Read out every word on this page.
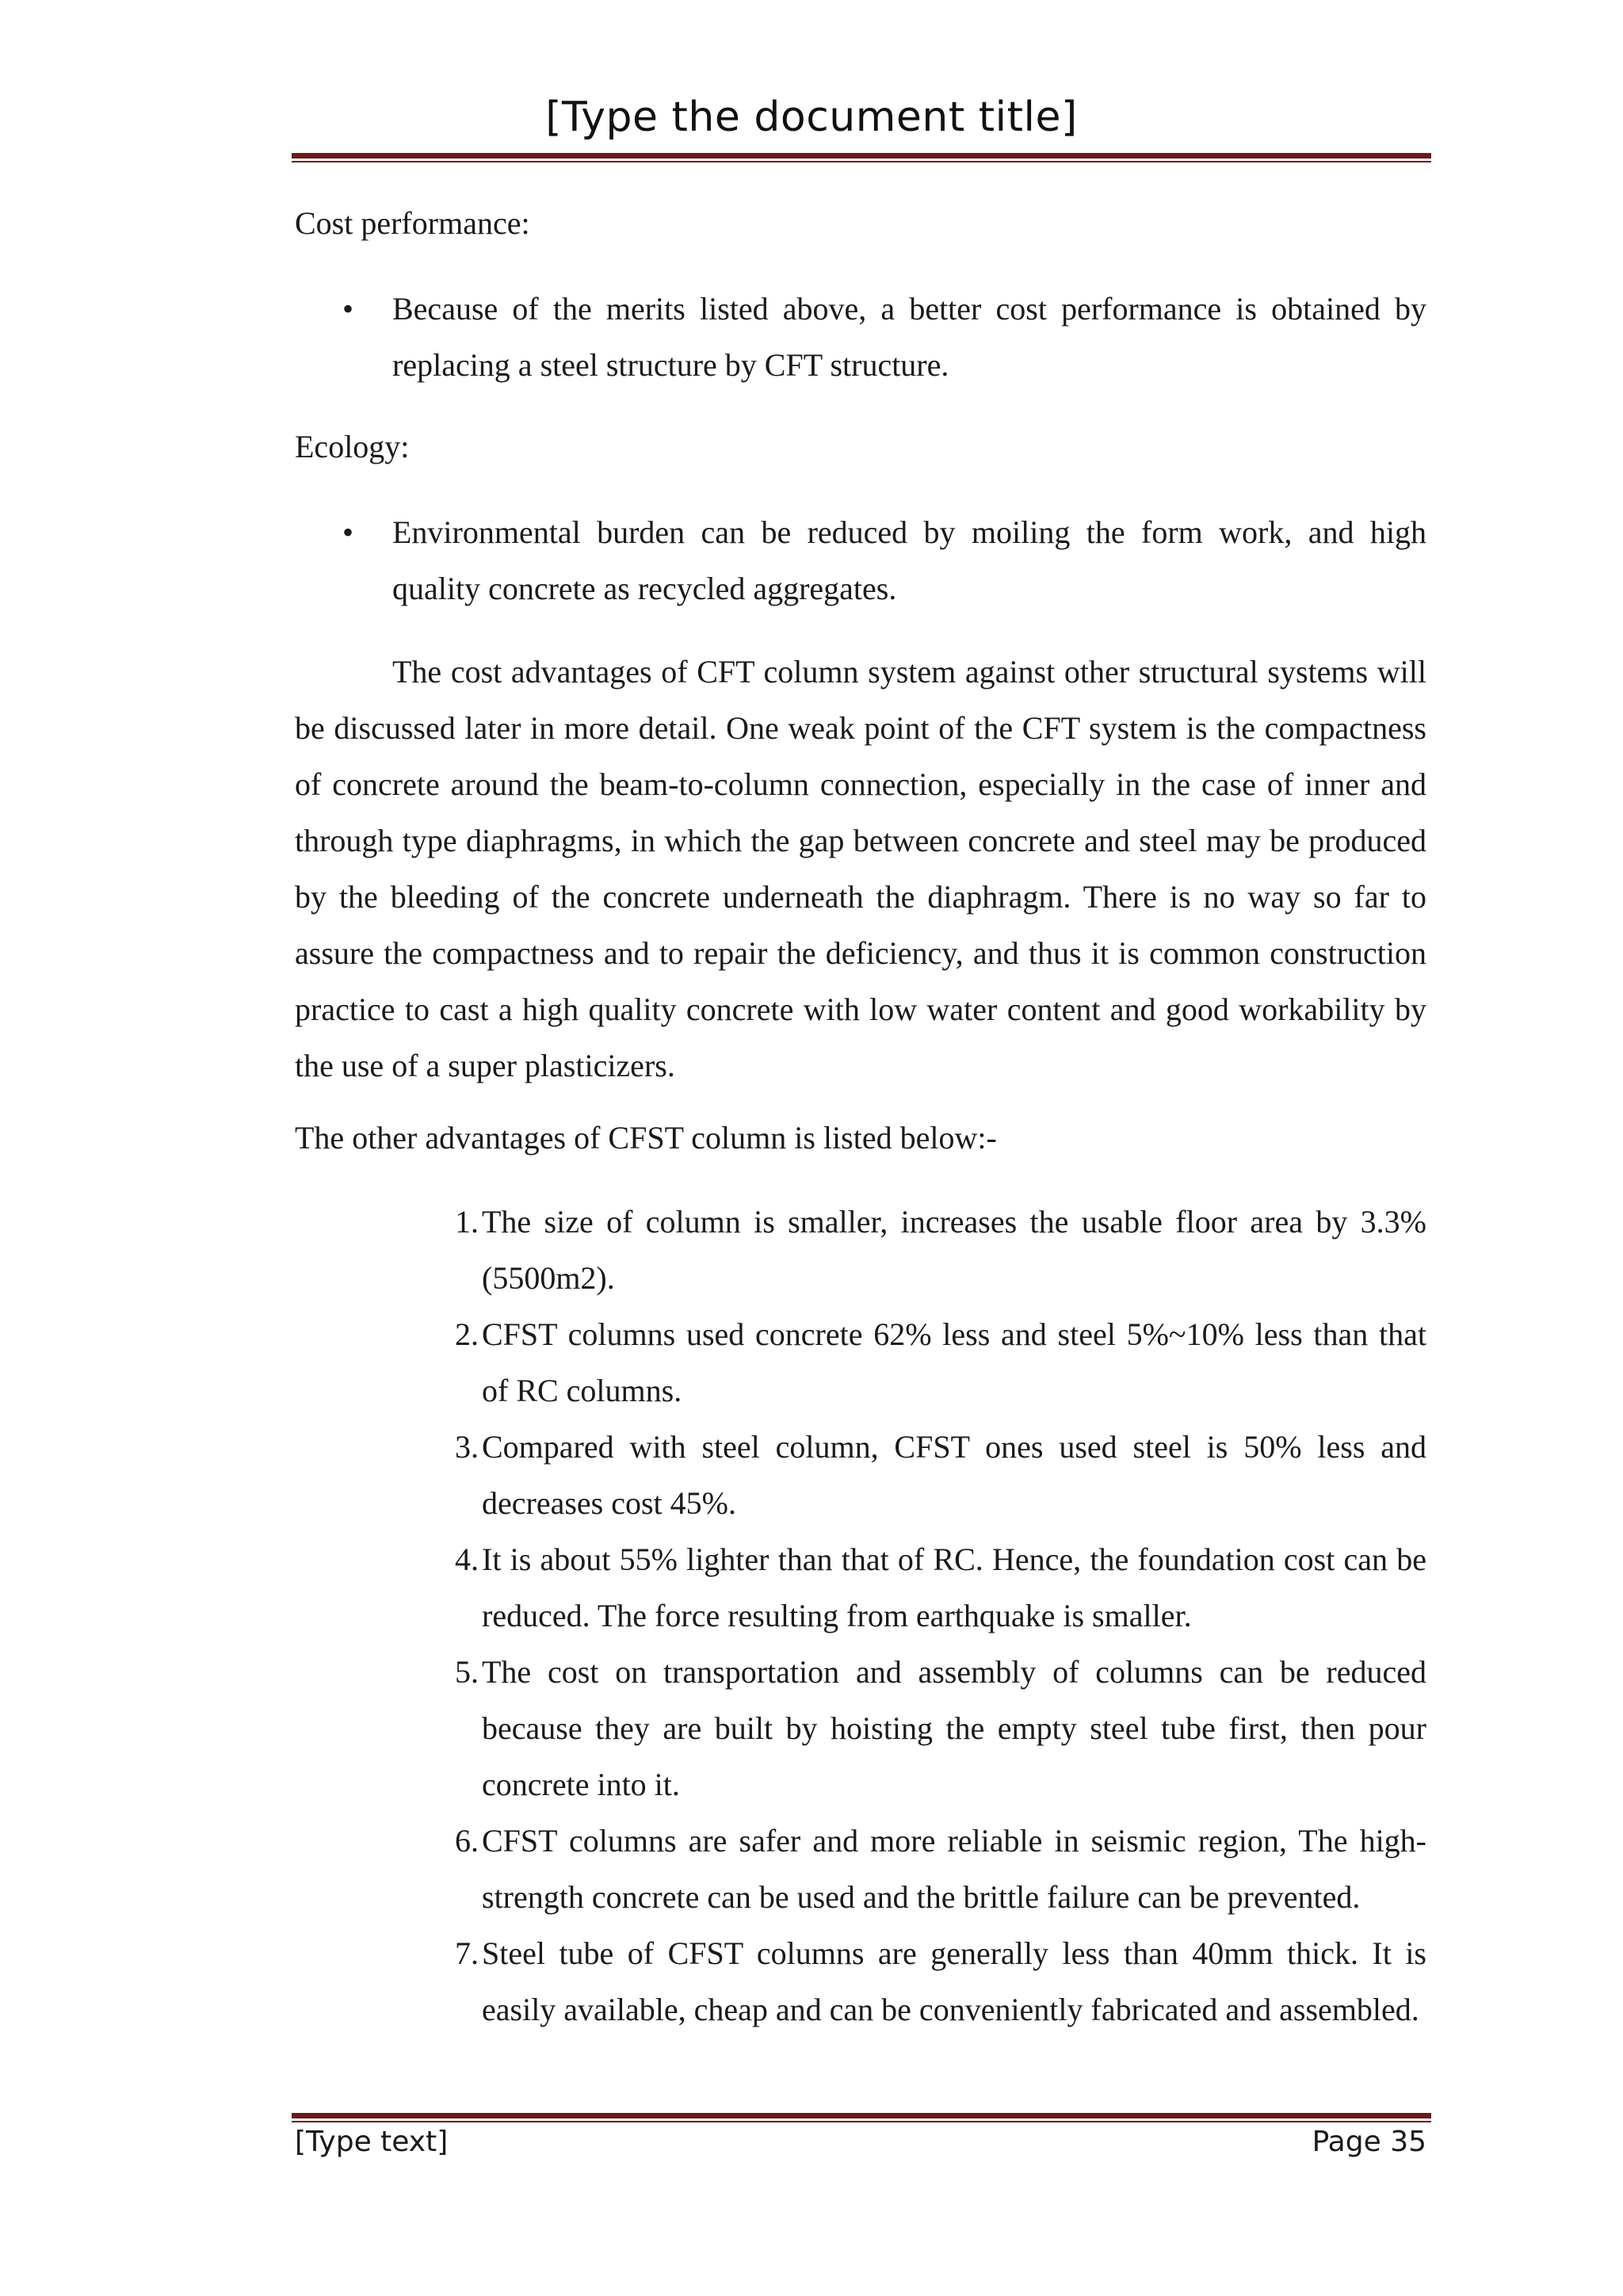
[Type the document title]
Cost performance:
• Because of the merits listed above, a better cost performance is obtained by replacing a steel structure by CFT structure.
Ecology:
• Environmental burden can be reduced by moiling the form work, and high quality concrete as recycled aggregates.
The cost advantages of CFT column system against other structural systems will be discussed later in more detail. One weak point of the CFT system is the compactness of concrete around the beam-to-column connection, especially in the case of inner and through type diaphragms, in which the gap between concrete and steel may be produced by the bleeding of the concrete underneath the diaphragm. There is no way so far to assure the compactness and to repair the deficiency, and thus it is common construction practice to cast a high quality concrete with low water content and good workability by the use of a super plasticizers.
The other advantages of CFST column is listed below:-
1. The size of column is smaller, increases the usable floor area by 3.3% (5500m2).
2. CFST columns used concrete 62% less and steel 5%~10% less than that of RC columns.
3. Compared with steel column, CFST ones used steel is 50% less and decreases cost 45%.
4. It is about 55% lighter than that of RC. Hence, the foundation cost can be reduced. The force resulting from earthquake is smaller.
5. The cost on transportation and assembly of columns can be reduced because they are built by hoisting the empty steel tube first, then pour concrete into it.
6. CFST columns are safer and more reliable in seismic region, The high-strength concrete can be used and the brittle failure can be prevented.
7. Steel tube of CFST columns are generally less than 40mm thick. It is easily available, cheap and can be conveniently fabricated and assembled.
[Type text]	Page 35
